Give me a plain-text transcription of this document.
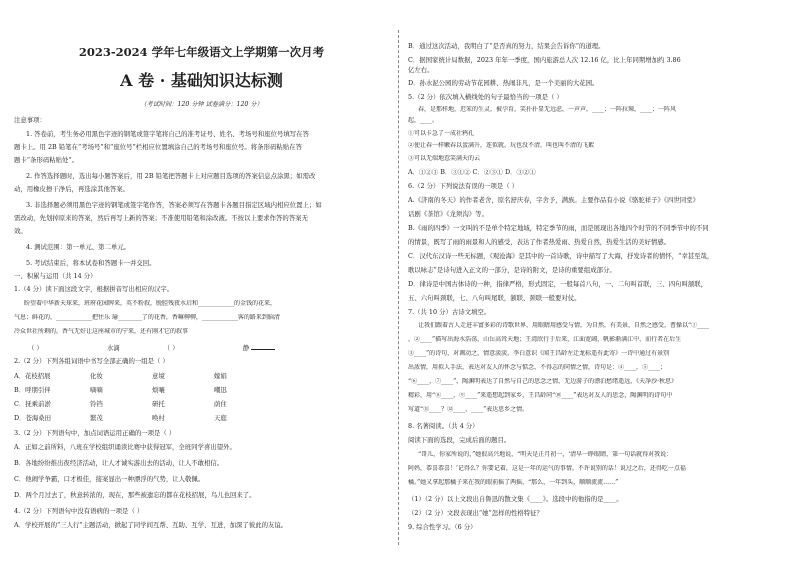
2023-2024 学年七年级语文上学期第一次月考
A 卷 · 基础知识达标测
（考试时间：120 分钟 试卷满分：120 分）
注意事项：
1. 答卷前，考生务必用黑色字迹的钢笔或签字笔将自己的准考证号、姓名、考场号和座位号填写在答
题卡上。用 2B 铅笔在“考场号”和“座位号”栏相应位置填涂自己的考场号和座位号。将条形码粘贴在答
题卡“条形码粘贴处”。
2. 作答选择题时，选出每小题答案后，用 2B 铅笔把答题卡上对应题目选项的答案信息点涂黑；如需改
动，用橡皮擦干净后，再选涂其他答案。
3. 非选择题必须用黑色字迹的钢笔或签字笔作答，答案必须写在答题卡各题目指定区域内相应位置上；如
需改动，先划掉原来的答案，然后再写上新的答案；不准使用铅笔和涂改液。不按以上要求作答的答案无
效。
4. 测试范围：第一单元、第二单元。
5. 考试结束后，将本试卷和答题卡一并交回。
一、积累与运用（共 14 分）
1.（4 分）读下面这段文字，根据拼音写出相应的汉字。
盼望着中华新天球来，班府花园牌来，英不粉叙，脱腔残夜水启和____________的金钱的花来，
气息；鲜花的，____________把往乐 瑜________了的花香，香嘛柳柳，____________客的路来到脑清
冷众世社所剩的，香气无好让这座城市的宁来，还有刚才它的叙事
（ ）	水滴	（ ）	静
2.（2 分）下列各组词语中书写全部正确的一组是（ ）
A．花枝招展	化妆	意境	嫁娟
B．呼朋引伴	嘀嘀	烦嚷	嘲迅
C．抚乘前淤	铃铛	研托	荫住
D．苍海桑田	繁茂	唤村	天庭
3.（2 分）下列语句中，加点词语运用正确的一项是（ ）
A．正如之前所料，八班在学校组织诵读比赛中获得冠军，全班同学喜出望外。
B．各地纷纷推出夜经济活动，让人才诚实游出去的活动，让人不敢相信。
C．他闹学争霸，口才极佳，接案显出一种漂浮的气势，让人敬佩。
D．两个月过去了，秋意转浓的，现在，那些被遗忘的都在花枝招展，鸟儿也回来了。
4.（2 分）下列语句中没有语病的一项是（ ）
A．学校开展的“三人行”主题活动，掀起了同学间互帮、互助、互学、互进，加深了彼此的友谊。
B．通过这次活动，我明白了“是否真的努力，结果会告诉你”的道理。
C．据国家统计局数据，2023 年年一季度，国内旅游总人次 12.16 亿，比上年同期增加约 3.86
亿左右。
D．孙水泥公园的劳动节花园耕、热闹非凡，是一个美丽的大花园。
5.（2 分）依次填入横线处的句子最恰当的一项是（ ）
春，是那样地，迟笨的生灵，被孕育，笑扑扑显无远虑，一声声，____；一阵拉辣，____；一阵风
起，____。
①可以卡急了一成社鸦孔
②使让春一样嫩春以蛋满升，连似就，玩也没不清，叫也叫不清的飞絮
③可以无端地惹笑满天的云
A．①②③ B．③①② C．②③① D．③②①
6.（2 分）下列说法有误的一项是（ ）
A.《济南的冬天》的作者老舍，原名舒庆春，字舍予，满族。主要作品有小说《骆驼祥子》《四世同堂》
话剧《茶馆》《龙须沟》等。
B.《雨的四季》一文叫的不是单个特定地域，特定季节的雨，而是展现出各地四个时节的不同季节中的不同
的情景，既写了雨的雨景和人的感受，表达了作者热爱雨、热爱自然，热爱生活的美好情感。
C．汉代东汉诗一些无标题，《观沧海》是其中的一首诗歌，诗中描写了大海，抒发诗者的情怀，“幸甚至哉，
歌以咏志”是诗句进入正文的一部分，是诗的附文，是诗的重要组成部分。
D．律诗是中国古体诗的一种，指律严格，形式固定，一般每首八句，一、二句叫首联，三、四句叫颔联，
五、六句叫颈联，七、八句叫尾联，颔联、颈联一般要对仗。
7.（共 10 分）古诗文填空。
让我们跟着古人走进丰富多彩的诗歌世界，用眼睛用感受与情，为自然，有美景，自然之感受，曹操以“①____
，②____”描写出海水浩荡，山岳高耸天地；王湾欣行于后来，江面宽阔，帆影渐满江中，而行者在后生
③____”的诗句，对调动之，情意淡淡，李白意识《闻王昌龄左迁龙标遥有此寄》一诗中通过有景别
出浓情，用拟人手法，表达对友人的怀念与惦念、不得志的同情之情，诗句是：④____，⑤____；
“⑥____，⑦____”，陶渊明表达了自然与自己的思念之情，无边游子的漂泊愁绪遥远，《天净沙·秋思》
精彩，用“⑧____，⑨____”来遥想起到家乡，王昌龄同“⑩____”表达对友人的思念，陶渊明的诗句中
写道“⑪____？⑫____，____”表达思乡之情。
8. 名著阅读。（共 4 分）
阅读下面的选段，完成后面的题目。
“哥儿，你家所说的，”她很高兴地说，“明天是正月初一，‘清早一睁眼睛，第一句话就得对我说：
阿妈，恭喜恭喜！’记得么？你要记着，这是一年的运气的事情。不许说别的话！说过之后，还得吃一点福
橘。”她又拿起那橘子来在我的眼前摇了两摇，“那么，一年到头，顺顺流流……”
（1）（2 分）以上文段出自鲁迅的散文集《____》。选段中的他指的是____。
（2）（2 分）文段表现出“她”怎样的性格特征？
9. 综合性学习。（6 分）
